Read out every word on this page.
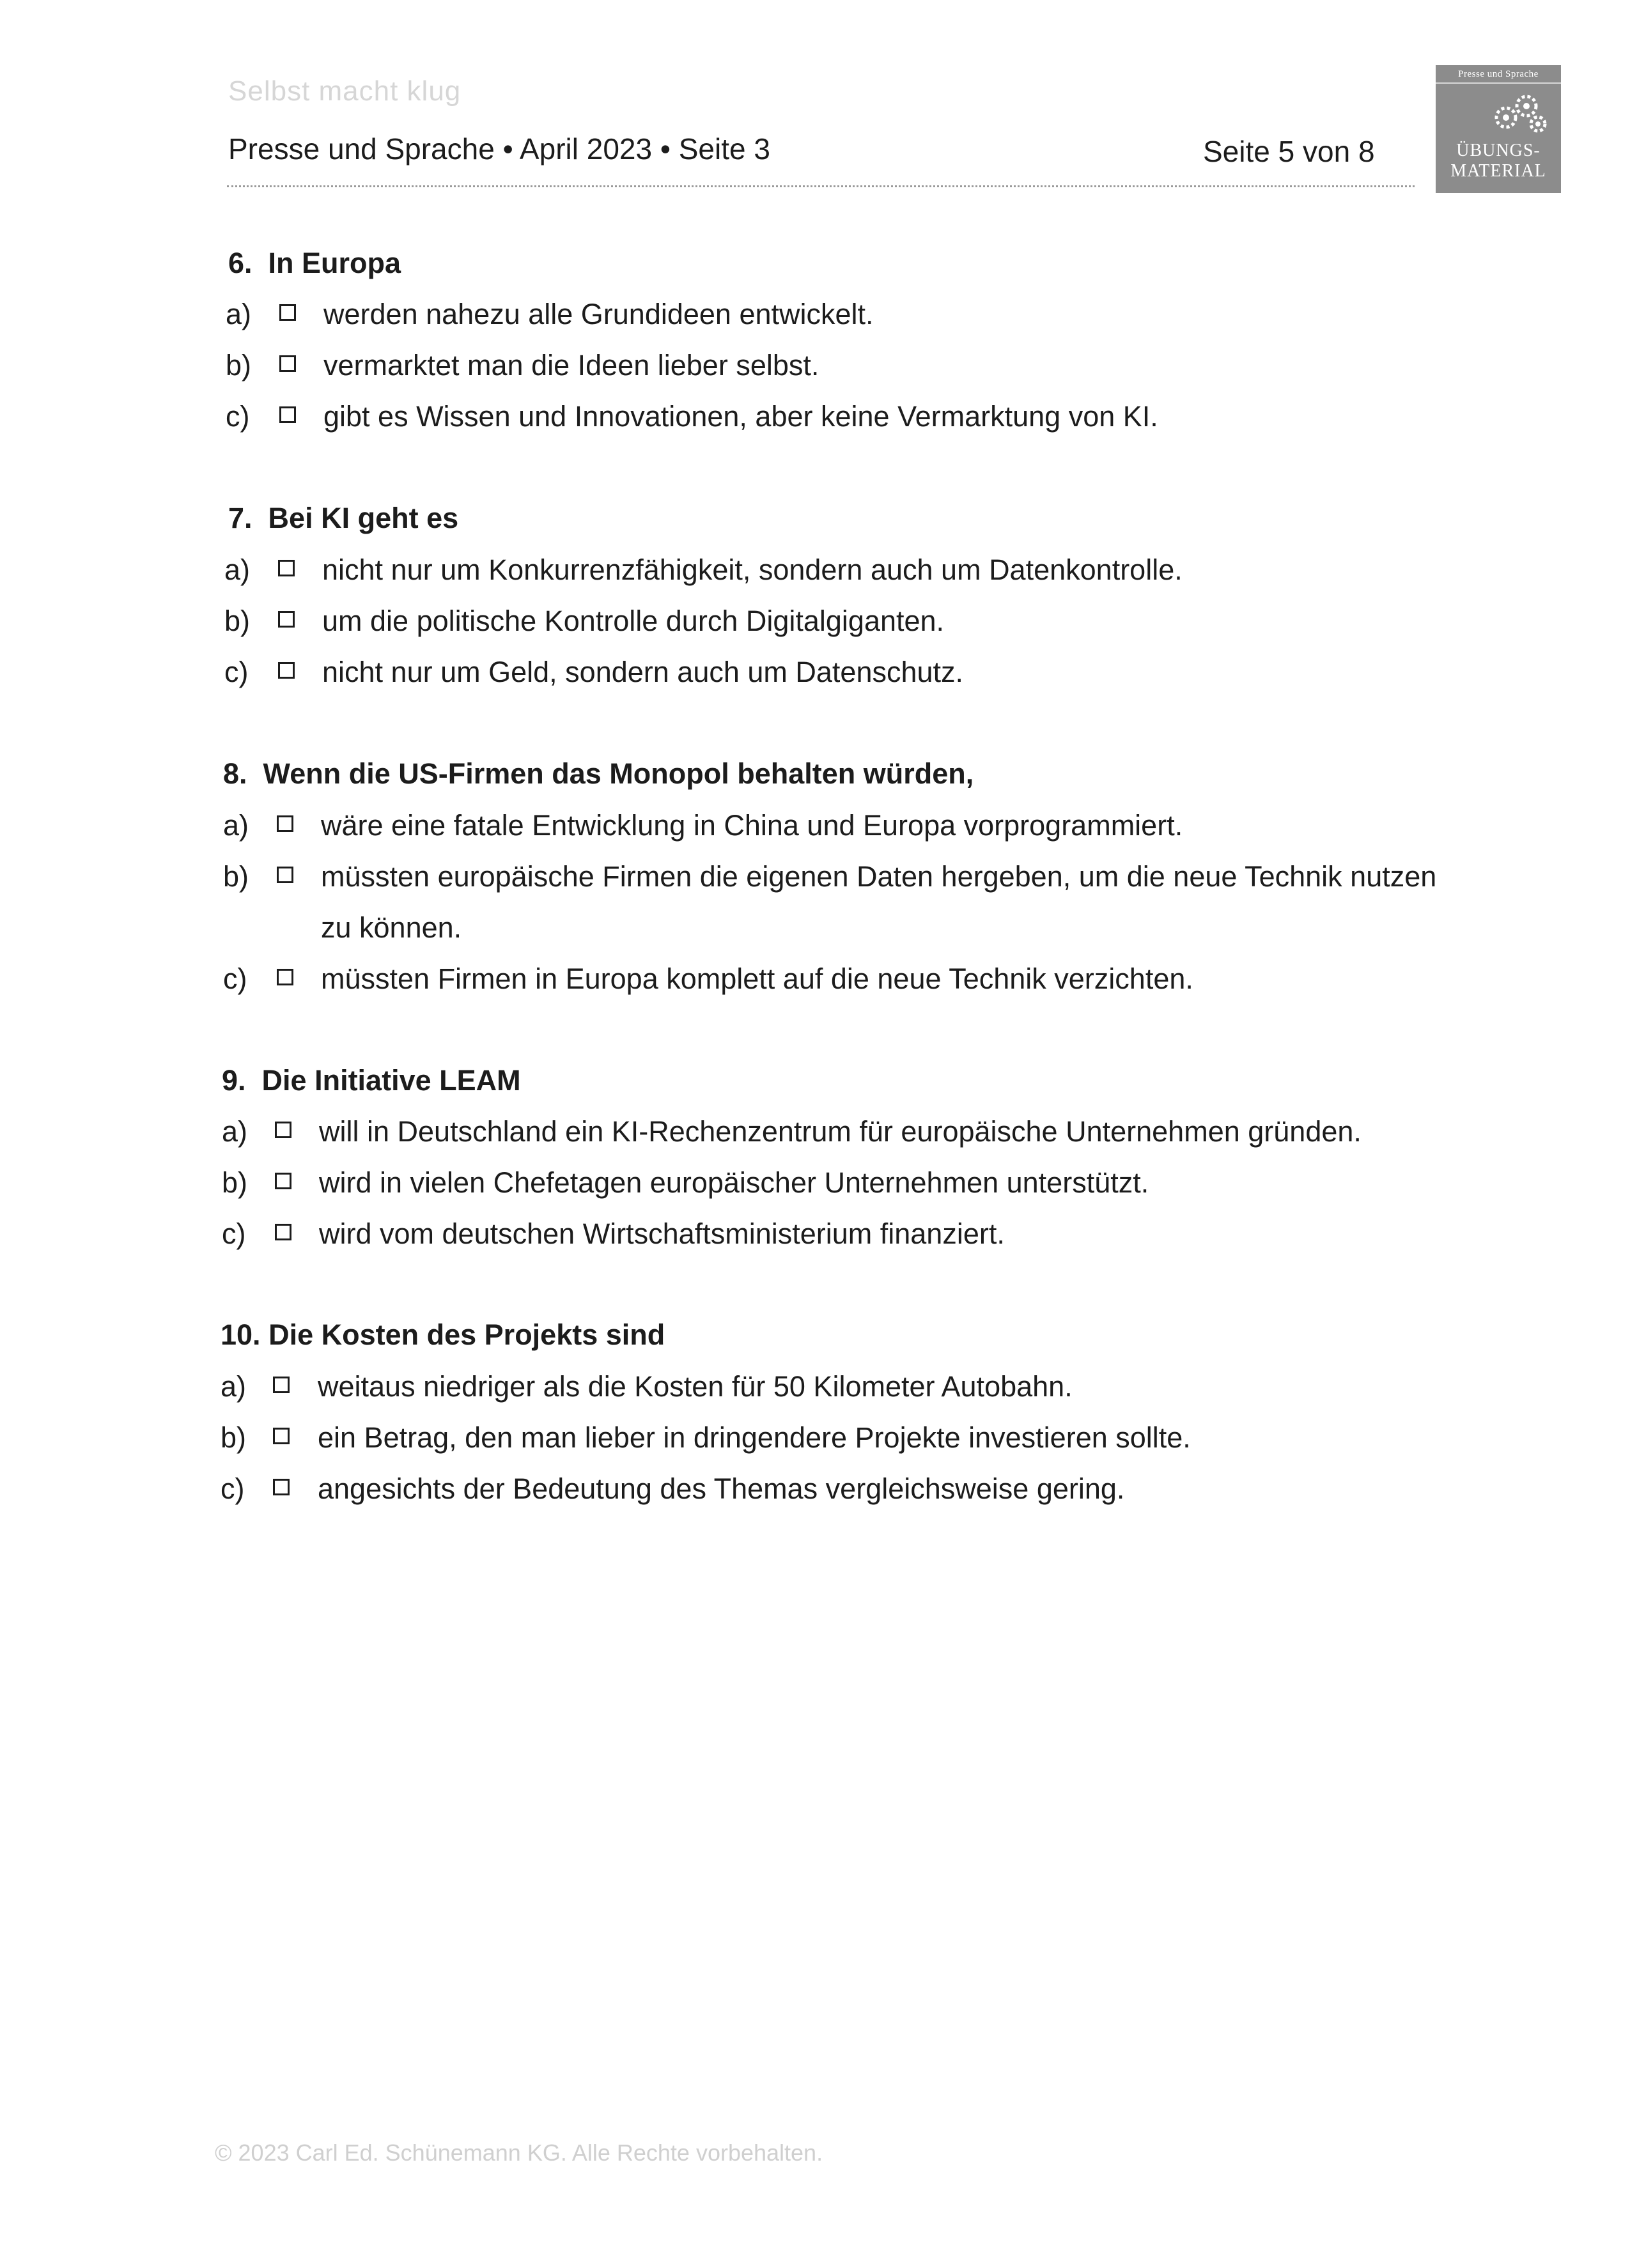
Selbst macht klug
Presse und Sprache • April 2023 • Seite 3	Seite 5 von 8
Presse und Sprache
ÜBUNGS-
MATERIAL
6. In Europa
a)	werden nahezu alle Grundideen entwickelt.
b)	vermarktet man die Ideen lieber selbst.
c)	gibt es Wissen und Innovationen, aber keine Vermarktung von KI.
7. Bei KI geht es
a)	nicht nur um Konkurrenzfähigkeit, sondern auch um Datenkontrolle.
b)	um die politische Kontrolle durch Digitalgiganten.
c)	nicht nur um Geld, sondern auch um Datenschutz.
8. Wenn die US-Firmen das Monopol behalten würden,
a)	wäre eine fatale Entwicklung in China und Europa vorprogrammiert.
b)	müssten europäische Firmen die eigenen Daten hergeben, um die neue Technik nutzen
zu können.
c)	müssten Firmen in Europa komplett auf die neue Technik verzichten.
9. Die Initiative LEAM
a) will in Deutschland ein KI-Rechenzentrum für europäische Unternehmen gründen.
b) wird in vielen Chefetagen europäischer Unternehmen unterstützt.
c)	wird vom deutschen Wirtschaftsministerium finanziert.
10. Die Kosten des Projekts sind
a) weitaus niedriger als die Kosten für 50 Kilometer Autobahn.
b) ein Betrag, den man lieber in dringendere Projekte investieren sollte.
c)	angesichts der Bedeutung des Themas vergleichsweise gering.
© 2023 Carl Ed. Schünemann KG. Alle Rechte vorbehalten.
